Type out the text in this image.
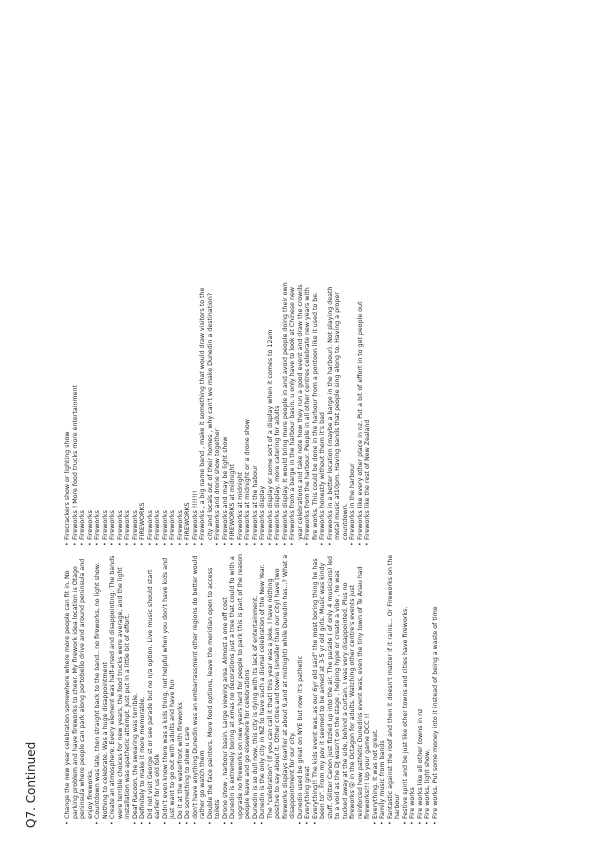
Q7. Continued	• Change the new year celebration somewhere where more people can fit in. No parking problem and have fireworks to cheer. My firework idea location is Otago peninsula where people can park along portobello drive and around peninsula and enjoy fireworks. • Countdown was late, then straight back to the band.. no fireworks, no light show. Nothing to celebrate. Was a huge disappointment • Create an atmosphere. Every element was half-arsed and disappointing. The bands were terrible choices for new years, the food trucks were average, and the light installation was apathetic attempt. Just put in a little bit of effort. • Deaf Racoon, the swearing was terrible. • Definitely to make it more memorable. • Did not visit George st or see parade but no n/a option. Live music should start earlier for us old folk • Didn't even know there was a kids thing, not helpful when you don't have kids and just want to go out with adults and have fun • Do it at the waterfront with fireworks • Do something to show u care • don't have anything Dunedin was an embarrassment other regions do better would rather go watch them • Double the face painters. More food options, leave the meridian open to access toilets • Drone show , harbour basin. Large viewing area. Almost a one off cost • Dunedin is extremely boring at xmas no decorations just a tree that could fo with a upgrade no fireworks on new years hard for people to park this is part of the reason people leave and go elsewhere for celebrations • Dunedin is so dull now, this city is dying with its lack of entertainment. • Dunedin is the only city in NZ to have such a dismal celebration of the New Year. The "celebration" (if you can call it that) this year was a joke. I have nothing positive to say about it. Other cities and towns (smaller than our city) have two fireworks displays (earlier at about 9,and at midnight) while Dunedin has...? What a disappointment for our city. • Dunedin used be great on NYE but now it's pathetic • Everything great • Everything!! The kids event was..as our 6yr old said" the most boring thing he has been to". From my pov it seemed to be aimed at 3-5 yr old girls. Music was kindy stuff. Glitter Canon just fizzled up into the air. The parade ( of only 4 musicians) led to a void as the DJ wasn't on the stage , helping hype or create a vibe , he was tucked away at the side, behind a curtain. I was very disappointed. Plus no fireworks 😮 in the Octagon for adults. Watching other centre's events just reinforced how pathetic Dunedins event was, even the tiny town of Te Anau had fireworks!!! Up your game DCC !! • Everything. It was not great. • Family music from bands • Fantastic against the roof and then it doesn't matter if it rains... Or Fireworks on the harbour • Festive spirit and be just like other towns and cities have fireworks. • Fire works • Fire works like all other towns in nz • Fire works, light show, • Fire works. Put some money into it instead of being a waste of time
• Firecrackers show or lighting show • Fireworks ! More food trucks more entertainment • Fireworks • Fireworks • Fireworks • Fireworks • Fireworks • Fireworks • Fireworks • Fireworks • FIREWORKS • Fireworks • Fireworks • Fireworks • Fireworks • Fireworks • FIREWORKS • Fireworks !!!!!!! • Fireworks , a big name band , make it something that would draw visitors to the city and locals out of their homes , why can't we make Dunedin a destination? • Fireworks and drone show together • Fireworks and may be light show • FIREWORKS at midnight • Fireworks at midnight • Fireworks at midnight or a drone show • Fireworks at the habour • Fireworks display • Fireworks display or some sort of a display when it comes to 12am • Fireworks display, more catering for adults • Fireworks display. It would bring more people in and avoid people doing their own • Fireworks from a barge in the harbour basin. u only have to look at Chinese new year celebrations and take note how they run a good event and draw the crowds • Fireworks from the harbour. People in all other centres celebrate new years with fire works. This could be done in the harbour from a pontoon like it used to be. • Fireworks honestly without them it's bad • Fireworks in a better location (maybe a barge in the harbour). Not playing death metal music at10pm. Having bands that people sing along to. Having a proper countdown. • Fireworks in the harbour • Fireworks like every other place in nz. Put a bit of effort in to get people out • Fireworks like the rest of New Zealand
